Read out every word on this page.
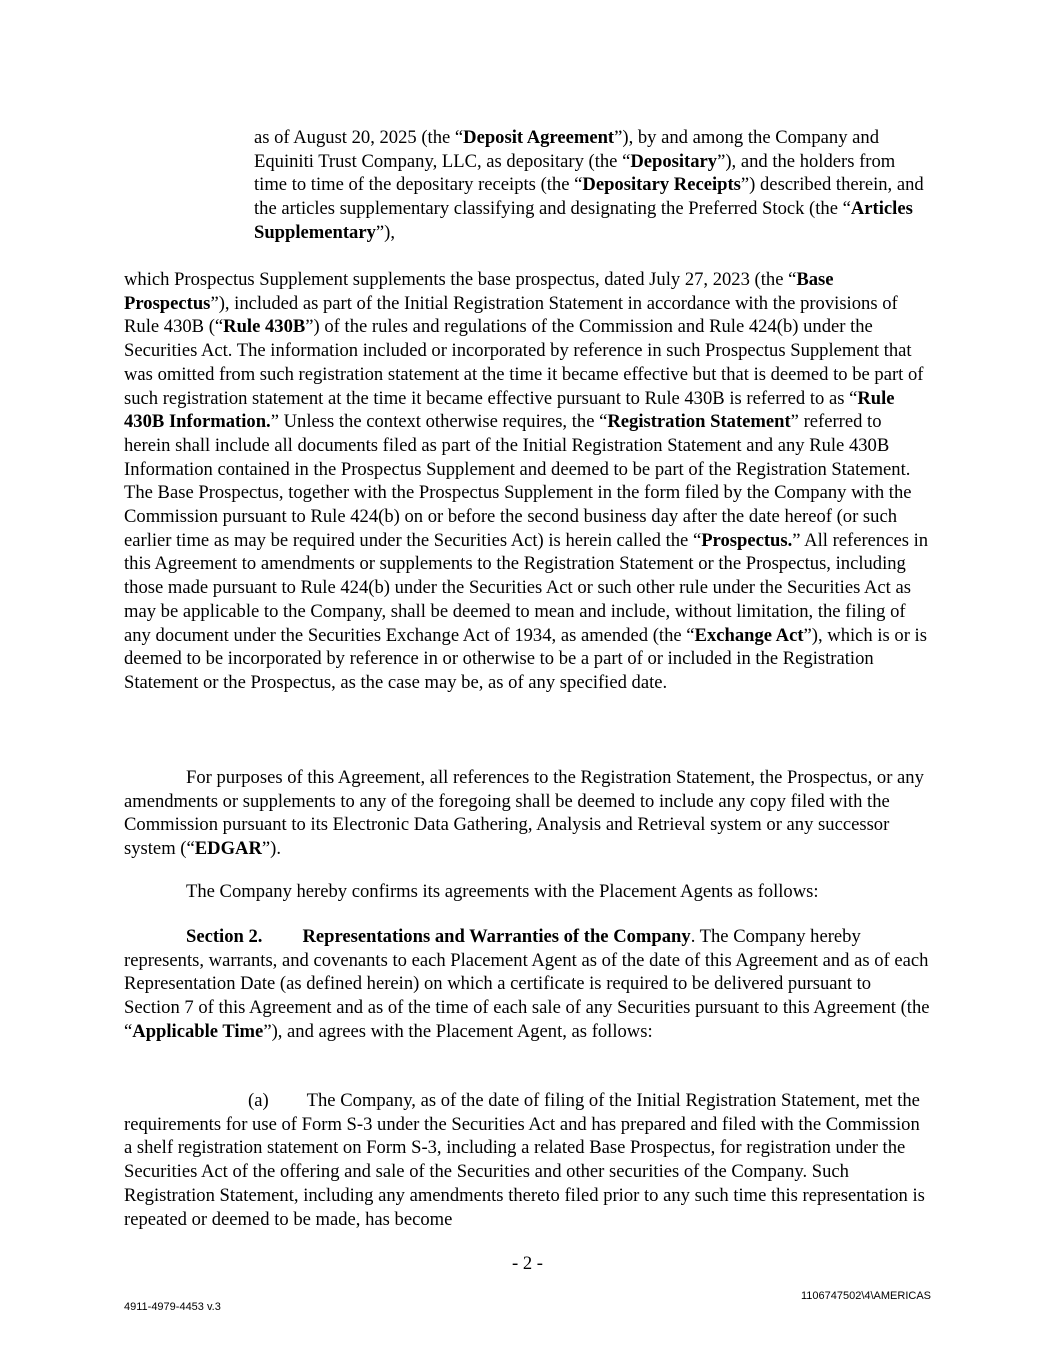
as of August 20, 2025 (the “Deposit Agreement”), by and among the Company and Equiniti Trust Company, LLC, as depositary (the “Depositary”), and the holders from time to time of the depositary receipts (the “Depositary Receipts”) described therein, and the articles supplementary classifying and designating the Preferred Stock (the “Articles Supplementary”),

which Prospectus Supplement supplements the base prospectus, dated July 27, 2023 (the “Base Prospectus”), included as part of the Initial Registration Statement in accordance with the provisions of Rule 430B (“Rule 430B”) of the rules and regulations of the Commission and Rule 424(b) under the Securities Act. The information included or incorporated by reference in such Prospectus Supplement that was omitted from such registration statement at the time it became effective but that is deemed to be part of such registration statement at the time it became effective pursuant to Rule 430B is referred to as “Rule 430B Information.” Unless the context otherwise requires, the “Registration Statement” referred to herein shall include all documents filed as part of the Initial Registration Statement and any Rule 430B Information contained in the Prospectus Supplement and deemed to be part of the Registration Statement. The Base Prospectus, together with the Prospectus Supplement in the form filed by the Company with the Commission pursuant to Rule 424(b) on or before the second business day after the date hereof (or such earlier time as may be required under the Securities Act) is herein called the “Prospectus.” All references in this Agreement to amendments or supplements to the Registration Statement or the Prospectus, including those made pursuant to Rule 424(b) under the Securities Act or such other rule under the Securities Act as may be applicable to the Company, shall be deemed to mean and include, without limitation, the filing of any document under the Securities Exchange Act of 1934, as amended (the “Exchange Act”), which is or is deemed to be incorporated by reference in or otherwise to be a part of or included in the Registration Statement or the Prospectus, as the case may be, as of any specified date.

For purposes of this Agreement, all references to the Registration Statement, the Prospectus, or any amendments or supplements to any of the foregoing shall be deemed to include any copy filed with the Commission pursuant to its Electronic Data Gathering, Analysis and Retrieval system or any successor system (“EDGAR”).

The Company hereby confirms its agreements with the Placement Agents as follows:

Section 2. Representations and Warranties of the Company. The Company hereby represents, warrants, and covenants to each Placement Agent as of the date of this Agreement and as of each Representation Date (as defined herein) on which a certificate is required to be delivered pursuant to Section 7 of this Agreement and as of the time of each sale of any Securities pursuant to this Agreement (the “Applicable Time”), and agrees with the Placement Agent, as follows:

(a) The Company, as of the date of filing of the Initial Registration Statement, met the requirements for use of Form S-3 under the Securities Act and has prepared and filed with the Commission a shelf registration statement on Form S-3, including a related Base Prospectus, for registration under the Securities Act of the offering and sale of the Securities and other securities of the Company. Such Registration Statement, including any amendments thereto filed prior to any such time this representation is repeated or deemed to be made, has become

- 2 -
4911-4979-4453 v.3
1106747502\4\AMERICAS
